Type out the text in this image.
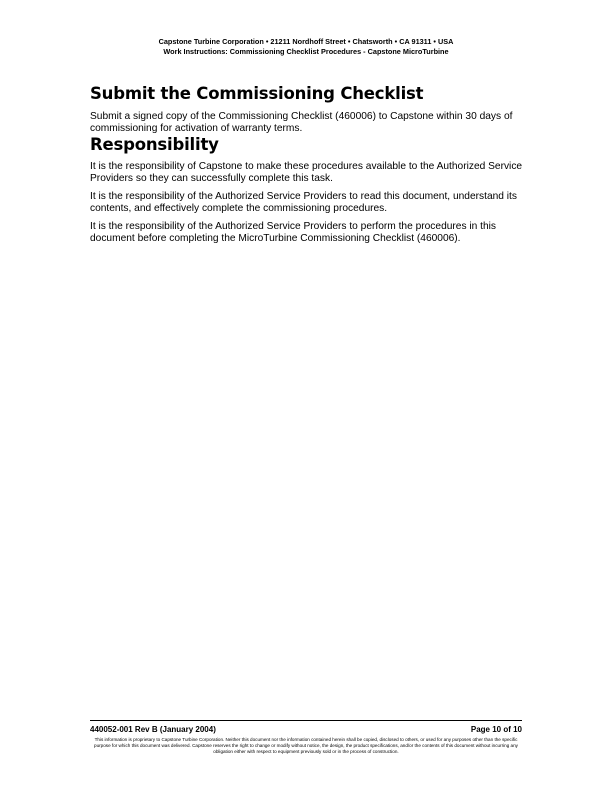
Capstone Turbine Corporation • 21211 Nordhoff Street • Chatsworth • CA 91311 • USA
Work Instructions: Commissioning Checklist Procedures - Capstone MicroTurbine
Submit the Commissioning Checklist

Submit a signed copy of the Commissioning Checklist (460006) to Capstone within 30 days of commissioning for activation of warranty terms.

Responsibility

It is the responsibility of Capstone to make these procedures available to the Authorized Service Providers so they can successfully complete this task.

It is the responsibility of the Authorized Service Providers to read this document, understand its contents, and effectively complete the commissioning procedures.

It is the responsibility of the Authorized Service Providers to perform the procedures in this document before completing the MicroTurbine Commissioning Checklist (460006).

440052-001 Rev B (January 2004)	Page 10 of 10
This information is proprietary to Capstone Turbine Corporation. Neither this document nor the information contained herein shall be copied, disclosed to others, or used for any purposes other than the specific purpose for which this document was delivered. Capstone reserves the right to change or modify without notice, the design, the product specifications, and/or the contents of this document without incurring any obligation either with respect to equipment previously sold or in the process of construction.
